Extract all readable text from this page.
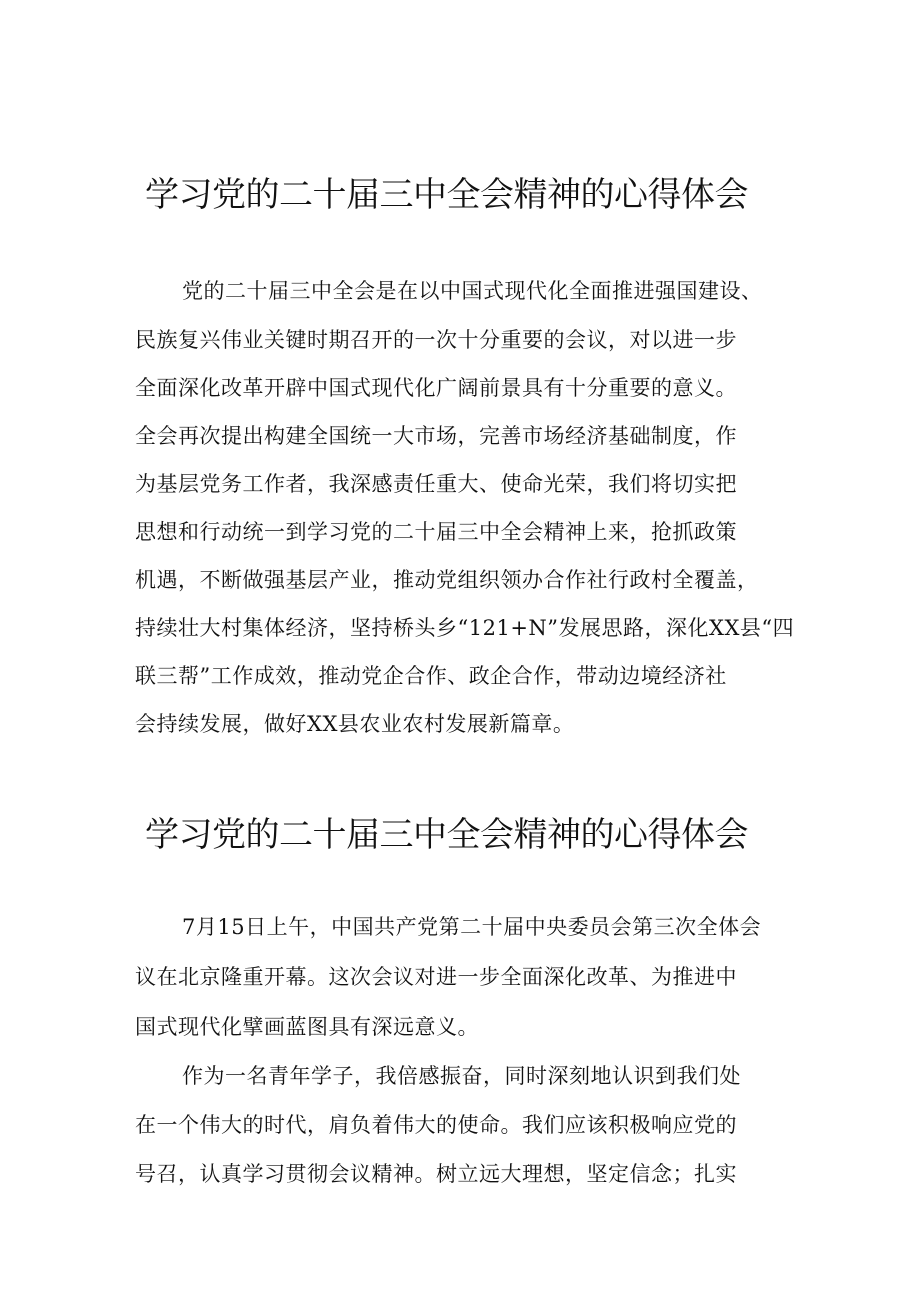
学习党的二十届三中全会精神的心得体会

党的二十届三中全会是在以中国式现代化全面推进强国建设、

民族复兴伟业关键时期召开的一次十分重要的会议，对以进一步

全面深化改革开辟中国式现代化广阔前景具有十分重要的意义。

全会再次提出构建全国统一大市场，完善市场经济基础制度，作

为基层党务工作者，我深感责任重大、使命光荣，我们将切实把

思想和行动统一到学习党的二十届三中全会精神上来，抢抓政策

机遇，不断做强基层产业，推动党组织领办合作社行政村全覆盖，

持续壮大村集体经济，坚持桥头乡“121+N”发展思路，深化XX县“四

联三帮”工作成效，推动党企合作、政企合作，带动边境经济社

会持续发展，做好XX县农业农村发展新篇章。

学习党的二十届三中全会精神的心得体会

7月15日上午，中国共产党第二十届中央委员会第三次全体会

议在北京隆重开幕。这次会议对进一步全面深化改革、为推进中

国式现代化擘画蓝图具有深远意义。

作为一名青年学子，我倍感振奋，同时深刻地认识到我们处

在一个伟大的时代，肩负着伟大的使命。我们应该积极响应党的

号召，认真学习贯彻会议精神。树立远大理想，坚定信念；扎实
